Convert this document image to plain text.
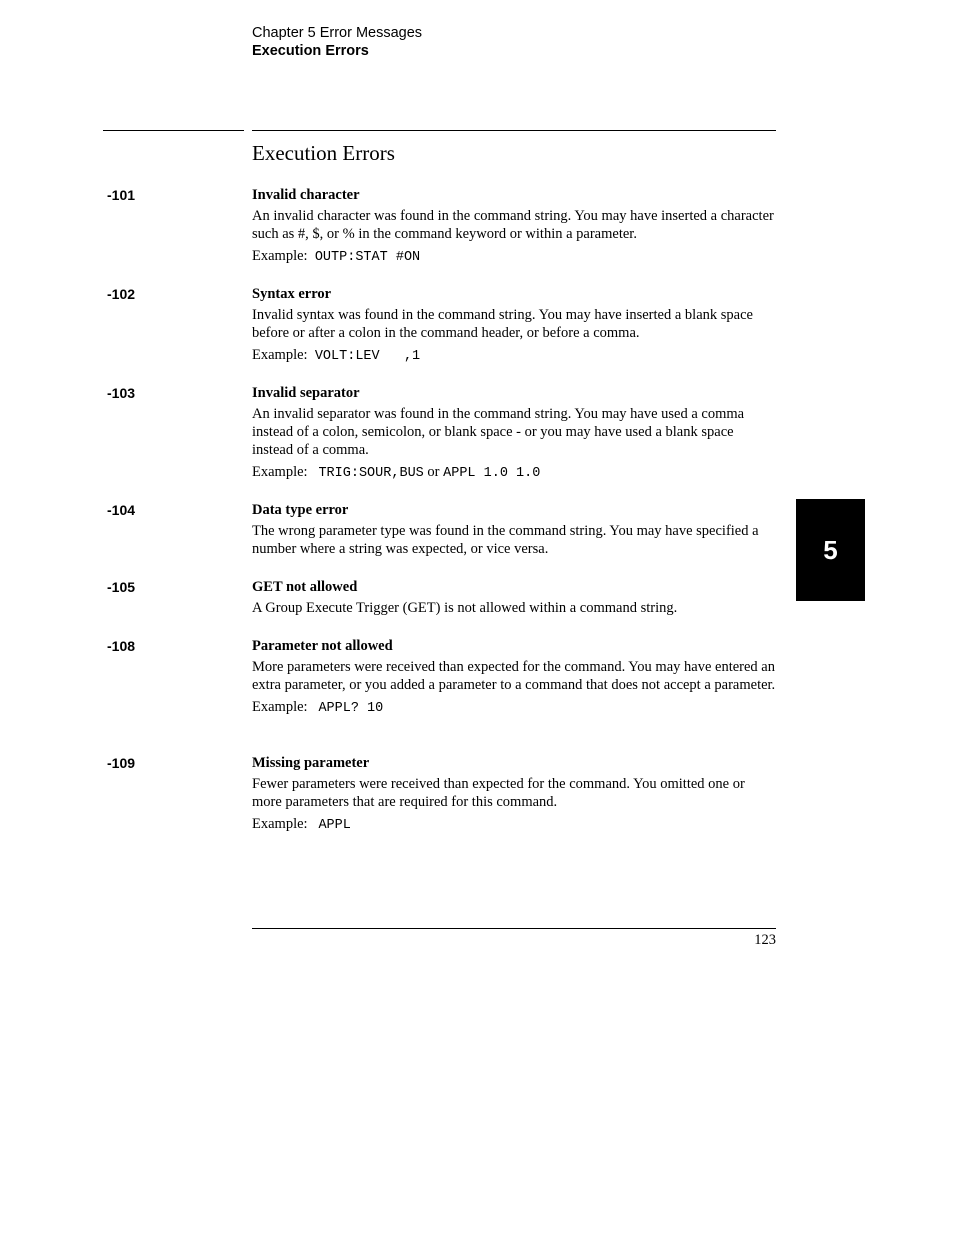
Chapter 5 Error Messages
Execution Errors
Execution Errors
-101	Invalid character

An invalid character was found in the command string. You may have inserted a character such as #, $, or % in the command keyword or within a parameter.

Example: OUTP:STAT #ON

-102	Syntax error

Invalid syntax was found in the command string. You may have inserted a blank space before or after a colon in the command header, or before a comma.

Example: VOLT:LEV   ,1

-103	Invalid separator

An invalid separator was found in the command string. You may have used a comma instead of a colon, semicolon, or blank space - or you may have used a blank space instead of a comma.

Example: TRIG:SOUR,BUS or APPL 1.0 1.0

-104	Data type error

The wrong parameter type was found in the command string. You may have specified a number where a string was expected, or vice versa.

-105	GET not allowed

A Group Execute Trigger (GET) is not allowed within a command string.

-108	Parameter not allowed

More parameters were received than expected for the command. You may have entered an extra parameter, or you added a parameter to a command that does not accept a parameter.

Example: APPL? 10

-109	Missing parameter

Fewer parameters were received than expected for the command. You omitted one or more parameters that are required for this command.

Example: APPL

5
123
